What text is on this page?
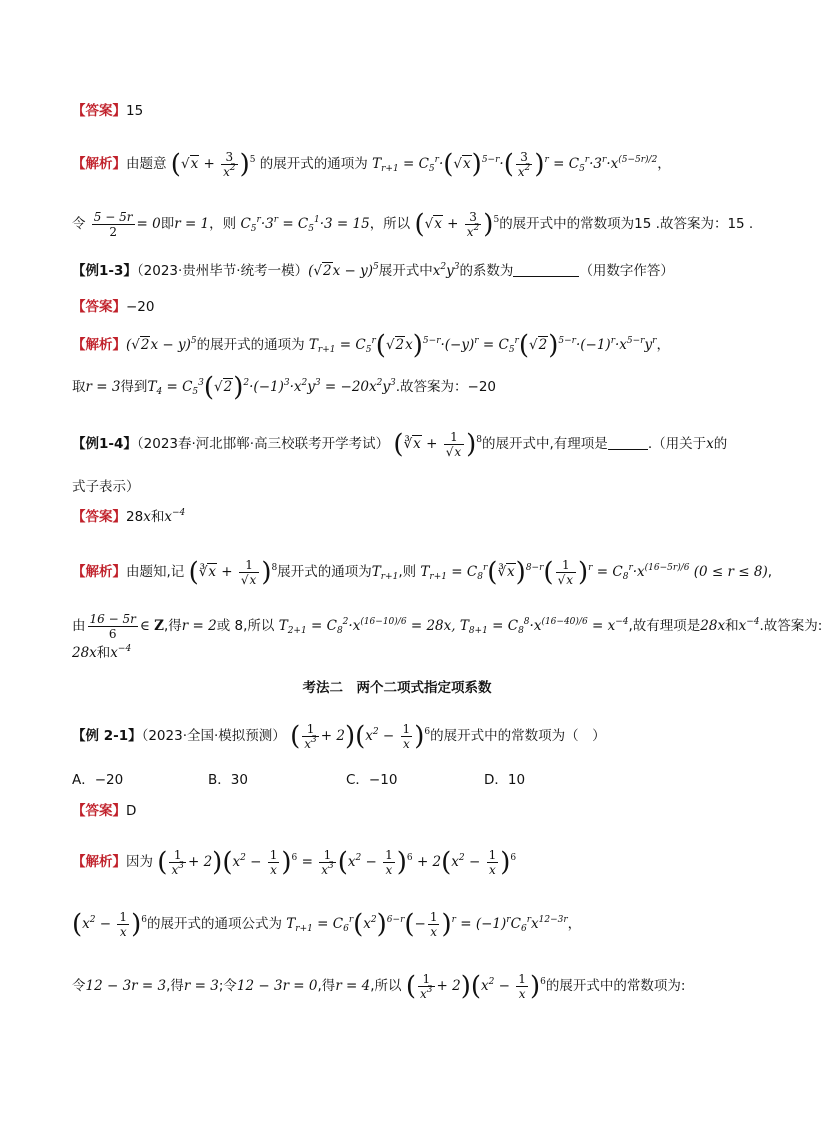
【答案】15
【解析】由题意 $(√x + \frac{3}{x^2} )^5$ 的展开式的通项为 $T_{r+1} = C_5^r\cdot(√x)^{5-r}\cdot( \frac{3}{x^2} )^r = C_5^r\cdot 3^r\cdot x^{(5-5r)/2}$，
令 $\frac{5 - 5r}{2} = 0$即r = 1，则 $C_5^r\cdot 3^r = C_5^1\cdot 3 = 15$，所以 $(√x + \frac{3}{x^2} )^5$的展开式中的常数项为15 .故答案为：15 .
【例1-3】（2023·贵州毕节·统考一模）$(√2x - y)^5$展开式中$x^2y^3$的系数为	（用数字作答）
【答案】−20
【解析】$(√2x - y)^5$的展开式的通项为 $T_{r+1} = C_5^r(√2x)^{5-r}\cdot(-y)^r = C_5^r(√2)^{5-r}\cdot(-1)^r\cdot x^{5-r}y^r$，
取r = 3得到$T_4 = C_5^3(√2)^2\cdot(-1)^3\cdot x^2y^3 = -20x^2y^3$.故答案为：−20
【例1-4】（2023春·河北邯郸·高三校联考开学考试） (∛x + $\frac{1}{√x} )^8$的展开式中,有理项是	.（用关于x的
式子表示）
【答案】28x和$x^{-4}$
【解析】由题知,记 (∛x + $\frac{1}{√x} )^8$展开式的通项为$T_{r+1}$,则 $T_{r+1}$ = $C_8^r(∛x)^{8-r}( \frac{1}{√x} )^r = C_8^r\cdot x^{(16-5r)/6}$ (0 ≤ r ≤ 8),
由 $\frac{16 - 5r}{6}$ ∈ Z,得r = 2或 8,所以 $T_{2+1} = C_8^2\cdot x^{(16-10)/6} = 28x$, $T_{8+1} = C_8^8\cdot x^{(16-40)/6} = x^{-4}$,故有理项是28x和$x^{-4}$.故答案为:
28x和$x^{-4}$
考法二　两个二项式指定项系数
【例 2-1】（2023·全国·模拟预测） ( $\frac{1}{x^3} + 2)(x^2 - \frac{1}{x} )^6$的展开式中的常数项为（　）
A．−20	B．30	C．−10	D．10
【答案】D
【解析】因为 ( $\frac{1}{x^3} + 2)(x^2 - \frac{1}{x} )^6 = \frac{1}{x^3} (x^2 - \frac{1}{x} )^6 + 2(x^2 - \frac{1}{x} )^6$
$(x^2 - \frac{1}{x} )^6$的展开式的通项公式为 $T_{r+1} = C_6^r(x^2)^{6-r}(- \frac{1}{x} )^r = (-1)^rC_6^rx^{12-3r}$，
令12 − 3r = 3,得r = 3;令12 − 3r = 0,得r = 4,所以 ( $\frac{1}{x^3} + 2)(x^2 - \frac{1}{x} )^6$的展开式中的常数项为:
